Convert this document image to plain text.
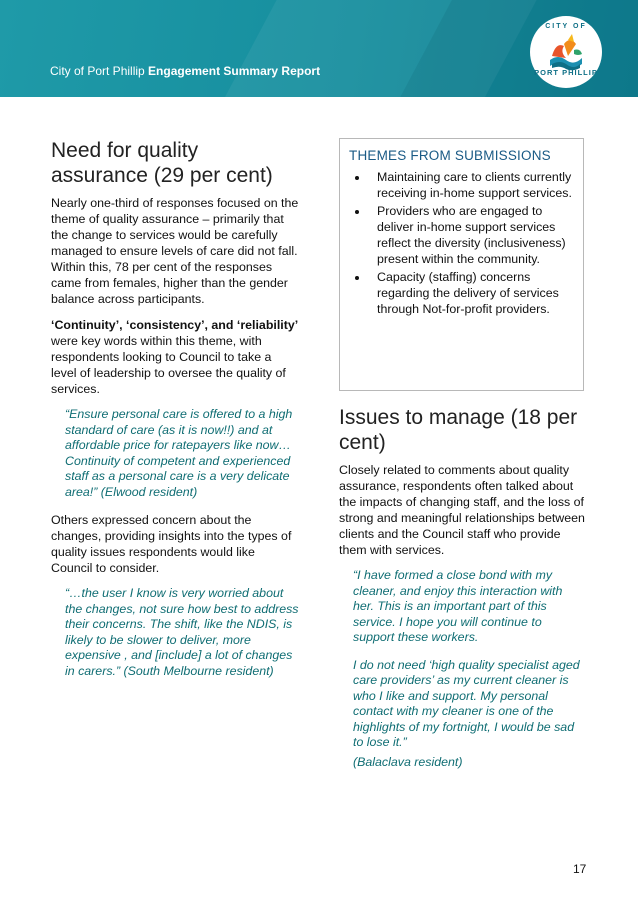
City of Port Phillip Engagement Summary Report
CITY OF
PORT PHILLIP
Need for quality assurance (29 per cent)

Nearly one-third of responses focused on the theme of quality assurance – primarily that the change to services would be carefully managed to ensure levels of care did not fall. Within this, 78 per cent of the responses came from females, higher than the gender balance across participants.

‘Continuity’, ‘consistency’, and ‘reliability’ were key words within this theme, with respondents looking to Council to take a level of leadership to oversee the quality of services.

“Ensure personal care is offered to a high standard of care (as it is now!!) and at affordable price for ratepayers like now… Continuity of competent and experienced staff as a personal care is a very delicate area!” (Elwood resident)

Others expressed concern about the changes, providing insights into the types of quality issues respondents would like Council to consider.

“…the user I know is very worried about the changes, not sure how best to address their concerns. The shift, like the NDIS, is likely to be slower to deliver, more expensive , and [include] a lot of changes in carers.” (South Melbourne resident)
THEMES FROM SUBMISSIONS
• Maintaining care to clients currently receiving in-home support services.
• Providers who are engaged to deliver in-home support services reflect the diversity (inclusiveness) present within the community.
• Capacity (staffing) concerns regarding the delivery of services through Not-for-profit providers.
Issues to manage (18 per cent)

Closely related to comments about quality assurance, respondents often talked about the impacts of changing staff, and the loss of strong and meaningful relationships between clients and the Council staff who provide them with services.

“I have formed a close bond with my cleaner, and enjoy this interaction with her. This is an important part of this service. I hope you will continue to support these workers.
I do not need ‘high quality specialist aged care providers’ as my current cleaner is who I like and support. My personal contact with my cleaner is one of the highlights of my fortnight, I would be sad to lose it.”
(Balaclava resident)
17
